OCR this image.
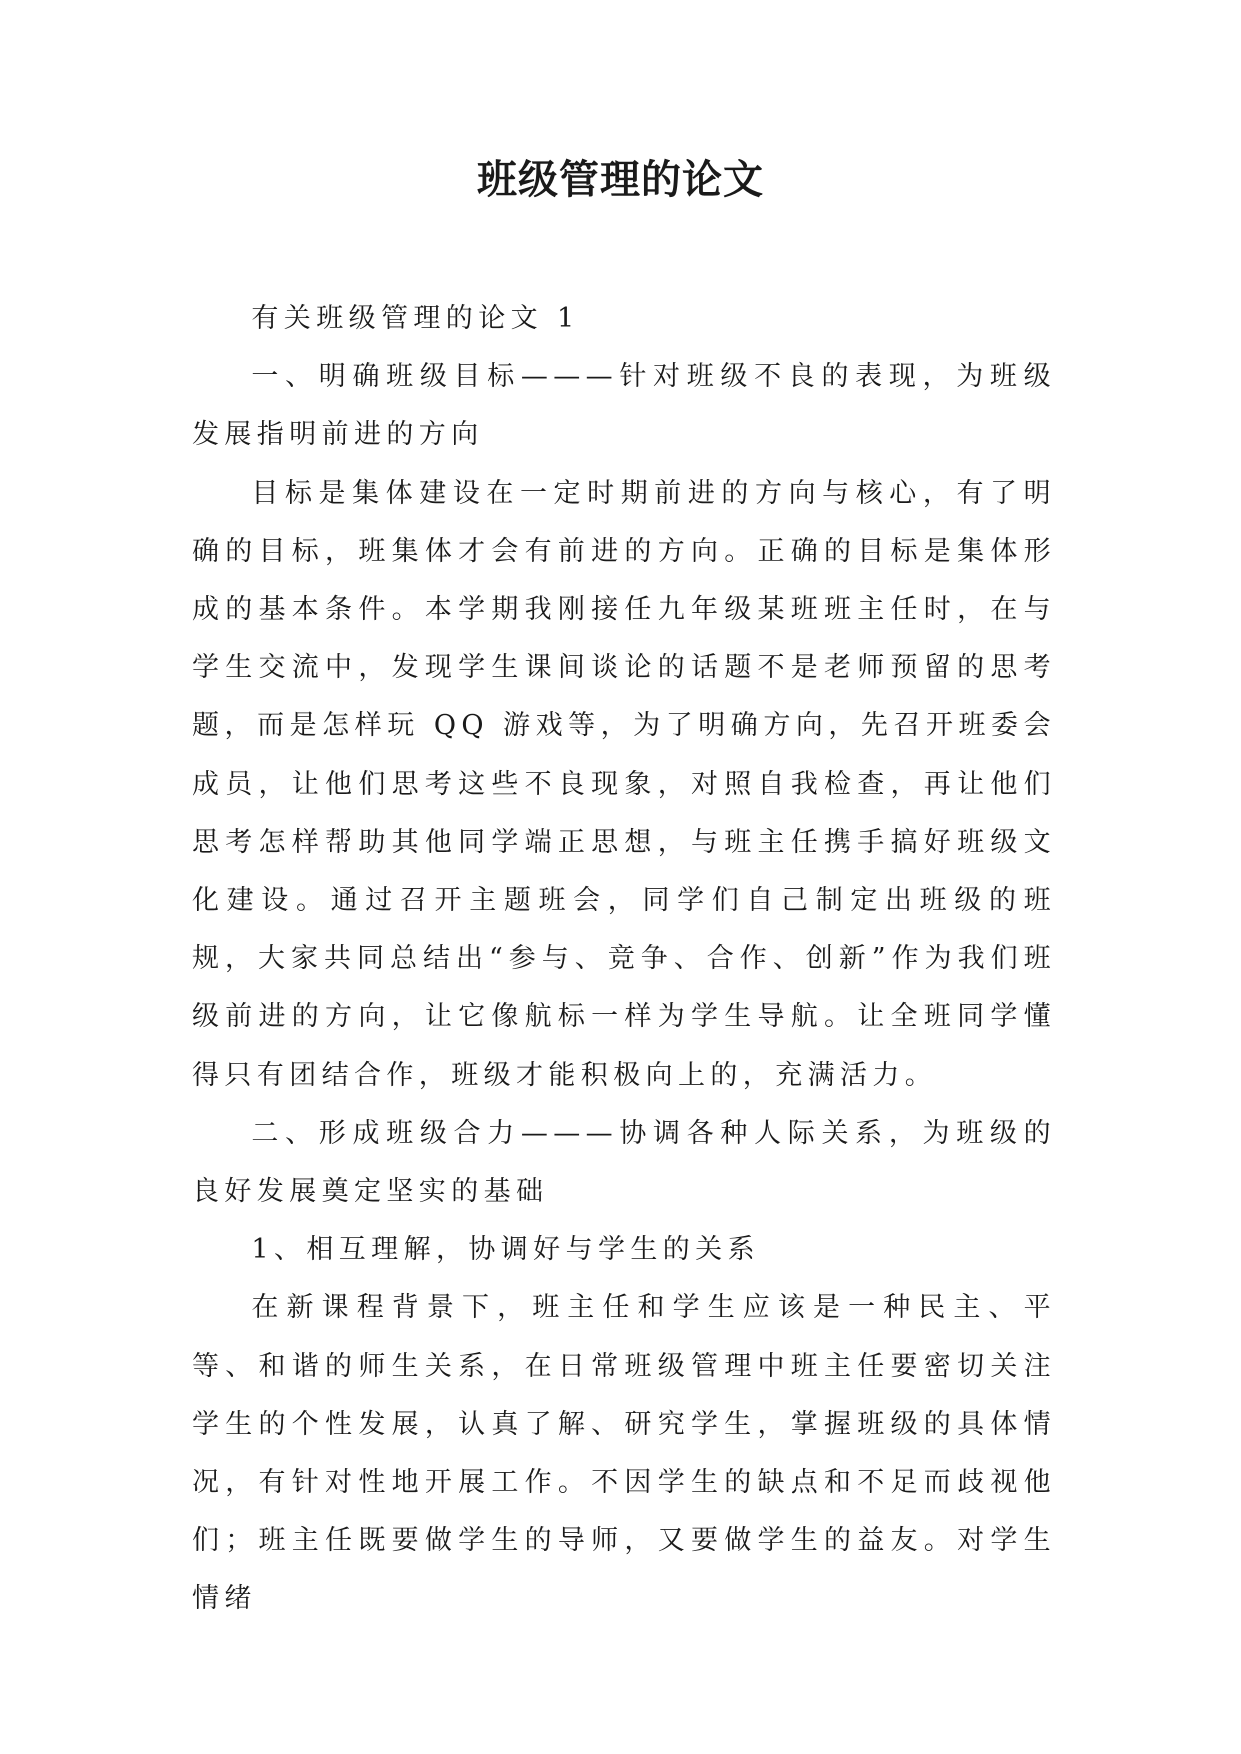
班级管理的论文

有关班级管理的论文 1

一、明确班级目标———针对班级不良的表现，为班级发展指明前进的方向

目标是集体建设在一定时期前进的方向与核心，有了明确的目标，班集体才会有前进的方向。正确的目标是集体形成的基本条件。本学期我刚接任九年级某班班主任时，在与学生交流中，发现学生课间谈论的话题不是老师预留的思考题，而是怎样玩 QQ 游戏等，为了明确方向，先召开班委会成员，让他们思考这些不良现象，对照自我检查，再让他们思考怎样帮助其他同学端正思想，与班主任携手搞好班级文化建设。通过召开主题班会，同学们自己制定出班级的班规，大家共同总结出“参与、竞争、合作、创新”作为我们班级前进的方向，让它像航标一样为学生导航。让全班同学懂得只有团结合作，班级才能积极向上的，充满活力。

二、形成班级合力———协调各种人际关系，为班级的良好发展奠定坚实的基础

1、相互理解，协调好与学生的关系

在新课程背景下，班主任和学生应该是一种民主、平等、和谐的师生关系，在日常班级管理中班主任要密切关注学生的个性发展，认真了解、研究学生，掌握班级的具体情况，有针对性地开展工作。不因学生的缺点和不足而歧视他们；班主任既要做学生的导师，又要做学生的益友。对学生情绪
